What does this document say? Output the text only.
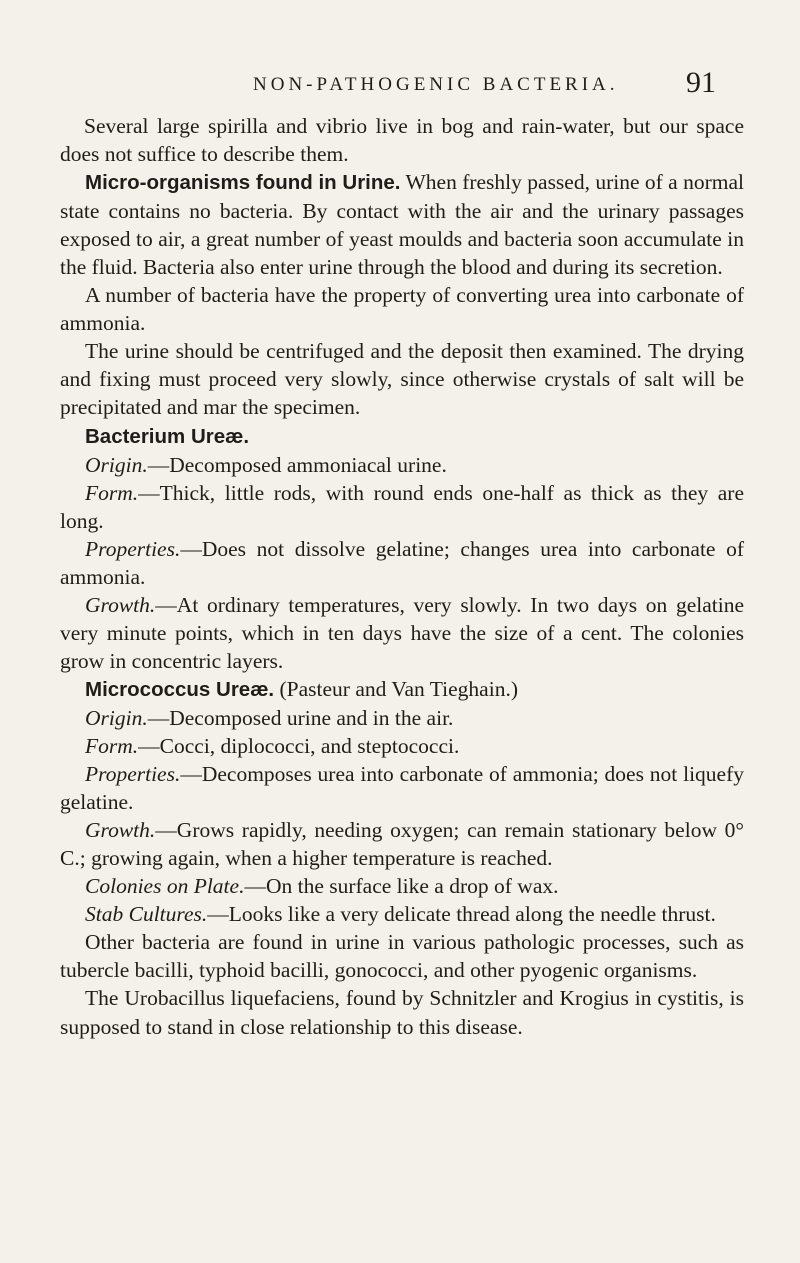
NON-PATHOGENIC BACTERIA. 91

Several large spirilla and vibrio live in bog and rain-water, but our space does not suffice to describe them.

Micro-organisms found in Urine. When freshly passed, urine of a normal state contains no bacteria. By contact with the air and the urinary passages exposed to air, a great number of yeast moulds and bacteria soon accumulate in the fluid. Bacteria also enter urine through the blood and during its secretion.

A number of bacteria have the property of converting urea into carbonate of ammonia.

The urine should be centrifuged and the deposit then examined. The drying and fixing must proceed very slowly, since otherwise crystals of salt will be precipitated and mar the specimen.

Bacterium Ureæ.

Origin.—Decomposed ammoniacal urine.

Form.—Thick, little rods, with round ends one-half as thick as they are long.

Properties.—Does not dissolve gelatine; changes urea into carbonate of ammonia.

Growth.—At ordinary temperatures, very slowly. In two days on gelatine very minute points, which in ten days have the size of a cent. The colonies grow in concentric layers.

Micrococcus Ureæ. (Pasteur and Van Tieghain.)

Origin.—Decomposed urine and in the air.

Form.—Cocci, diplococci, and steptococci.

Properties.—Decomposes urea into carbonate of ammonia; does not liquefy gelatine.

Growth.—Grows rapidly, needing oxygen; can remain stationary below 0° C.; growing again, when a higher temperature is reached.

Colonies on Plate.—On the surface like a drop of wax.

Stab Cultures.—Looks like a very delicate thread along the needle thrust.

Other bacteria are found in urine in various pathologic processes, such as tubercle bacilli, typhoid bacilli, gonococci, and other pyogenic organisms.

The Urobacillus liquefaciens, found by Schnitzler and Krogius in cystitis, is supposed to stand in close relationship to this disease.
